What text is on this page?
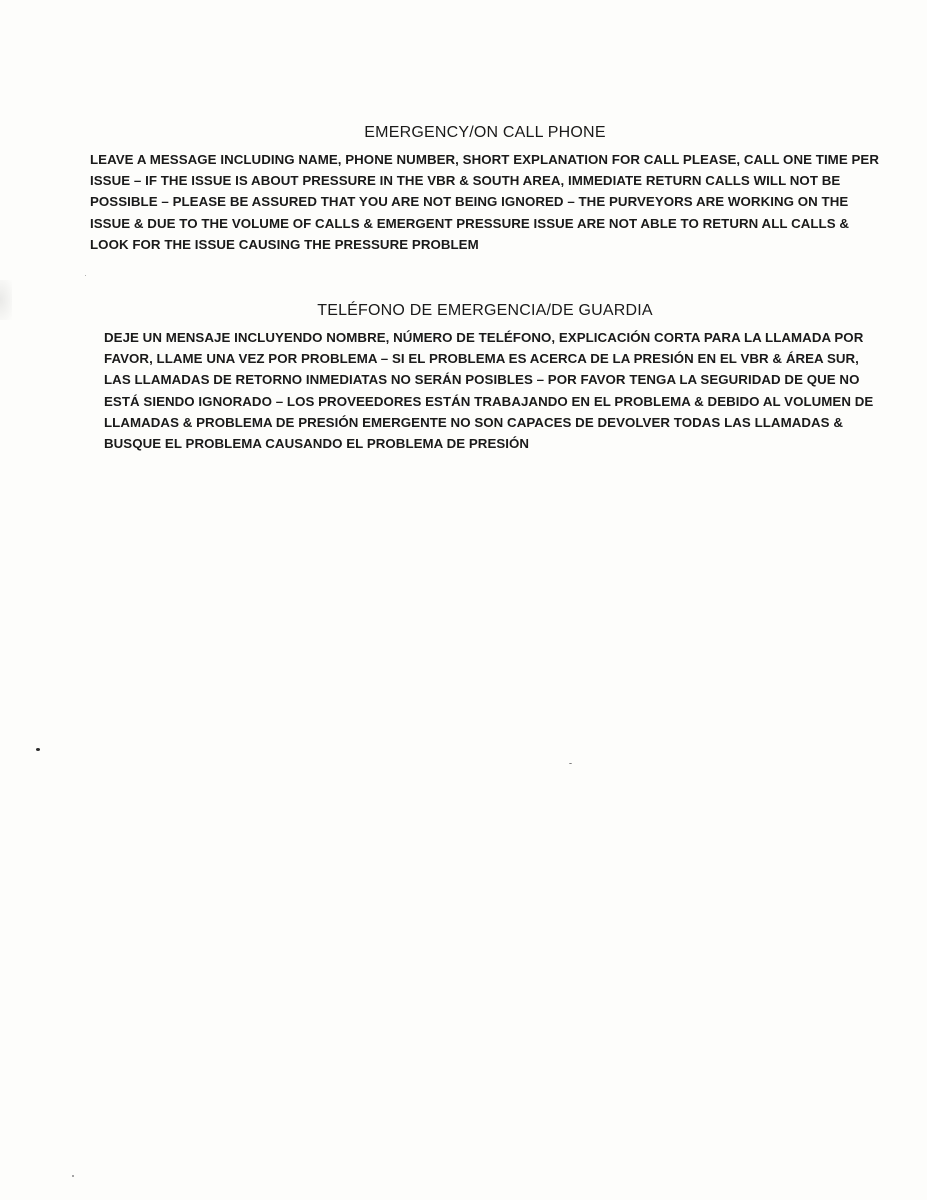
EMERGENCY/ON CALL PHONE

LEAVE A MESSAGE INCLUDING NAME, PHONE NUMBER, SHORT EXPLANATION FOR CALL PLEASE, CALL ONE TIME PER ISSUE – IF THE ISSUE IS ABOUT PRESSURE IN THE VBR & SOUTH AREA, IMMEDIATE RETURN CALLS WILL NOT BE POSSIBLE – PLEASE BE ASSURED THAT YOU ARE NOT BEING IGNORED – THE PURVEYORS ARE WORKING ON THE ISSUE & DUE TO THE VOLUME OF CALLS & EMERGENT PRESSURE ISSUE ARE NOT ABLE TO RETURN ALL CALLS & LOOK FOR THE ISSUE CAUSING THE PRESSURE PROBLEM

TELÉFONO DE EMERGENCIA/DE GUARDIA

DEJE UN MENSAJE INCLUYENDO NOMBRE, NÚMERO DE TELÉFONO, EXPLICACIÓN CORTA PARA LA LLAMADA POR FAVOR, LLAME UNA VEZ POR PROBLEMA – SI EL PROBLEMA ES ACERCA DE LA PRESIÓN EN EL VBR & ÁREA SUR, LAS LLAMADAS DE RETORNO INMEDIATAS NO SERÁN POSIBLES – POR FAVOR TENGA LA SEGURIDAD DE QUE NO ESTÁ SIENDO IGNORADO – LOS PROVEEDORES ESTÁN TRABAJANDO EN EL PROBLEMA & DEBIDO AL VOLUMEN DE LLAMADAS & PROBLEMA DE PRESIÓN EMERGENTE NO SON CAPACES DE DEVOLVER TODAS LAS LLAMADAS & BUSQUE EL PROBLEMA CAUSANDO EL PROBLEMA DE PRESIÓN
